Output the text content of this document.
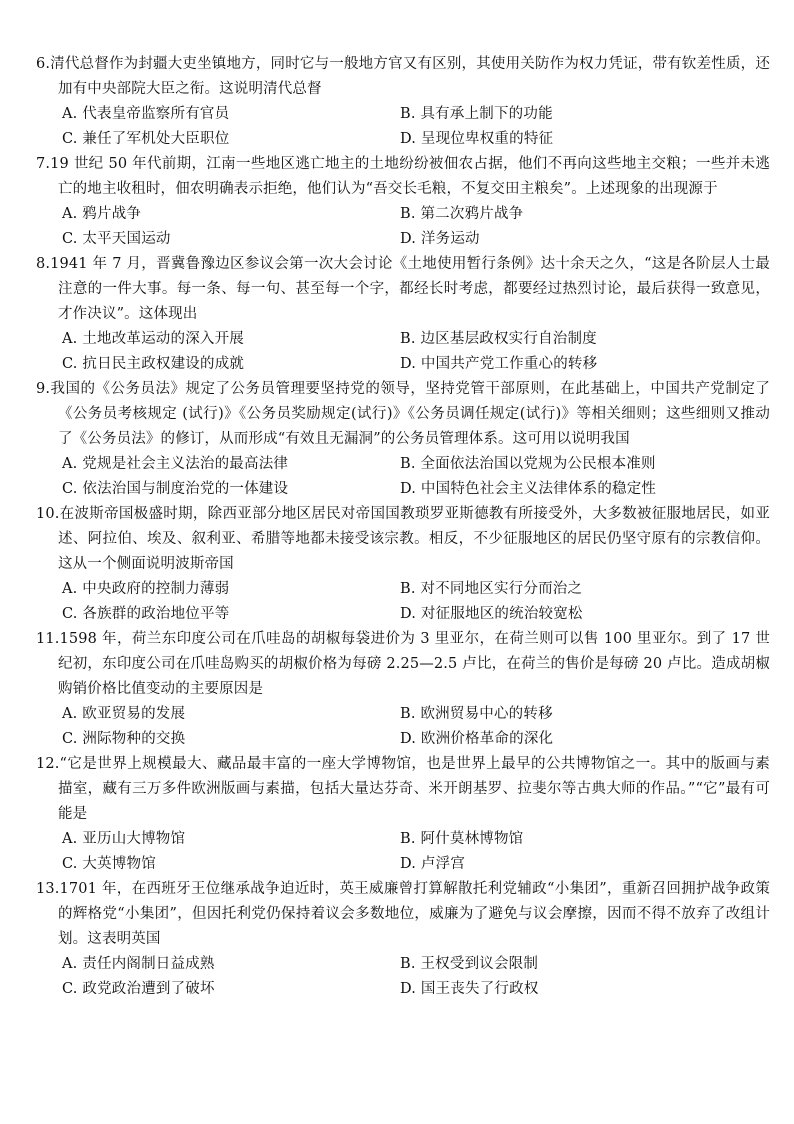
6.清代总督作为封疆大吏坐镇地方，同时它与一般地方官又有区别，其使用关防作为权力凭证，带有钦差性质，还加有中央部院大臣之衔。这说明清代总督

A. 代表皇帝监察所有官员	B. 具有承上制下的功能
C. 兼任了军机处大臣职位	D. 呈现位卑权重的特征

7.19 世纪 50 年代前期，江南一些地区逃亡地主的土地纷纷被佃农占据，他们不再向这些地主交粮；一些并未逃亡的地主收租时，佃农明确表示拒绝，他们认为“吾交长毛粮，不复交田主粮矣”。上述现象的出现源于

A. 鸦片战争	B. 第二次鸦片战争
C. 太平天国运动	D. 洋务运动

8.1941 年 7 月，晋冀鲁豫边区参议会第一次大会讨论《土地使用暂行条例》达十余天之久，“这是各阶层人士最注意的一件大事。每一条、每一句、甚至每一个字，都经长时考虑，都要经过热烈讨论，最后获得一致意见，才作决议”。这体现出

A. 土地改革运动的深入开展	B. 边区基层政权实行自治制度
C. 抗日民主政权建设的成就	D. 中国共产党工作重心的转移

9.我国的《公务员法》规定了公务员管理要坚持党的领导，坚持党管干部原则，在此基础上，中国共产党制定了《公务员考核规定 (试行)》《公务员奖励规定(试行)》《公务员调任规定(试行)》等相关细则；这些细则又推动了《公务员法》的修订，从而形成“有效且无漏洞”的公务员管理体系。这可用以说明我国

A. 党规是社会主义法治的最高法律	B. 全面依法治国以党规为公民根本准则
C. 依法治国与制度治党的一体建设	D. 中国特色社会主义法律体系的稳定性

10.在波斯帝国极盛时期，除西亚部分地区居民对帝国国教琐罗亚斯德教有所接受外，大多数被征服地居民，如亚述、阿拉伯、埃及、叙利亚、希腊等地都未接受该宗教。相反，不少征服地区的居民仍坚守原有的宗教信仰。这从一个侧面说明波斯帝国

A. 中央政府的控制力薄弱	B. 对不同地区实行分而治之
C. 各族群的政治地位平等	D. 对征服地区的统治较宽松

11.1598 年，荷兰东印度公司在爪哇岛的胡椒每袋进价为 3 里亚尔，在荷兰则可以售 100 里亚尔。到了 17 世纪初，东印度公司在爪哇岛购买的胡椒价格为每磅 2.25—2.5 卢比，在荷兰的售价是每磅 20 卢比。造成胡椒购销价格比值变动的主要原因是

A. 欧亚贸易的发展	B. 欧洲贸易中心的转移
C. 洲际物种的交换	D. 欧洲价格革命的深化

12.“它是世界上规模最大、藏品最丰富的一座大学博物馆，也是世界上最早的公共博物馆之一。其中的版画与素描室，藏有三万多件欧洲版画与素描，包括大量达芬奇、米开朗基罗、拉斐尔等古典大师的作品。”“它”最有可能是

A. 亚历山大博物馆	B. 阿什莫林博物馆
C. 大英博物馆	D. 卢浮宫

13.1701 年，在西班牙王位继承战争迫近时，英王威廉曾打算解散托利党辅政“小集团”，重新召回拥护战争政策的辉格党“小集团”，但因托利党仍保持着议会多数地位，威廉为了避免与议会摩擦，因而不得不放弃了改组计划。这表明英国

A. 责任内阁制日益成熟	B. 王权受到议会限制
C. 政党政治遭到了破坏	D. 国王丧失了行政权
